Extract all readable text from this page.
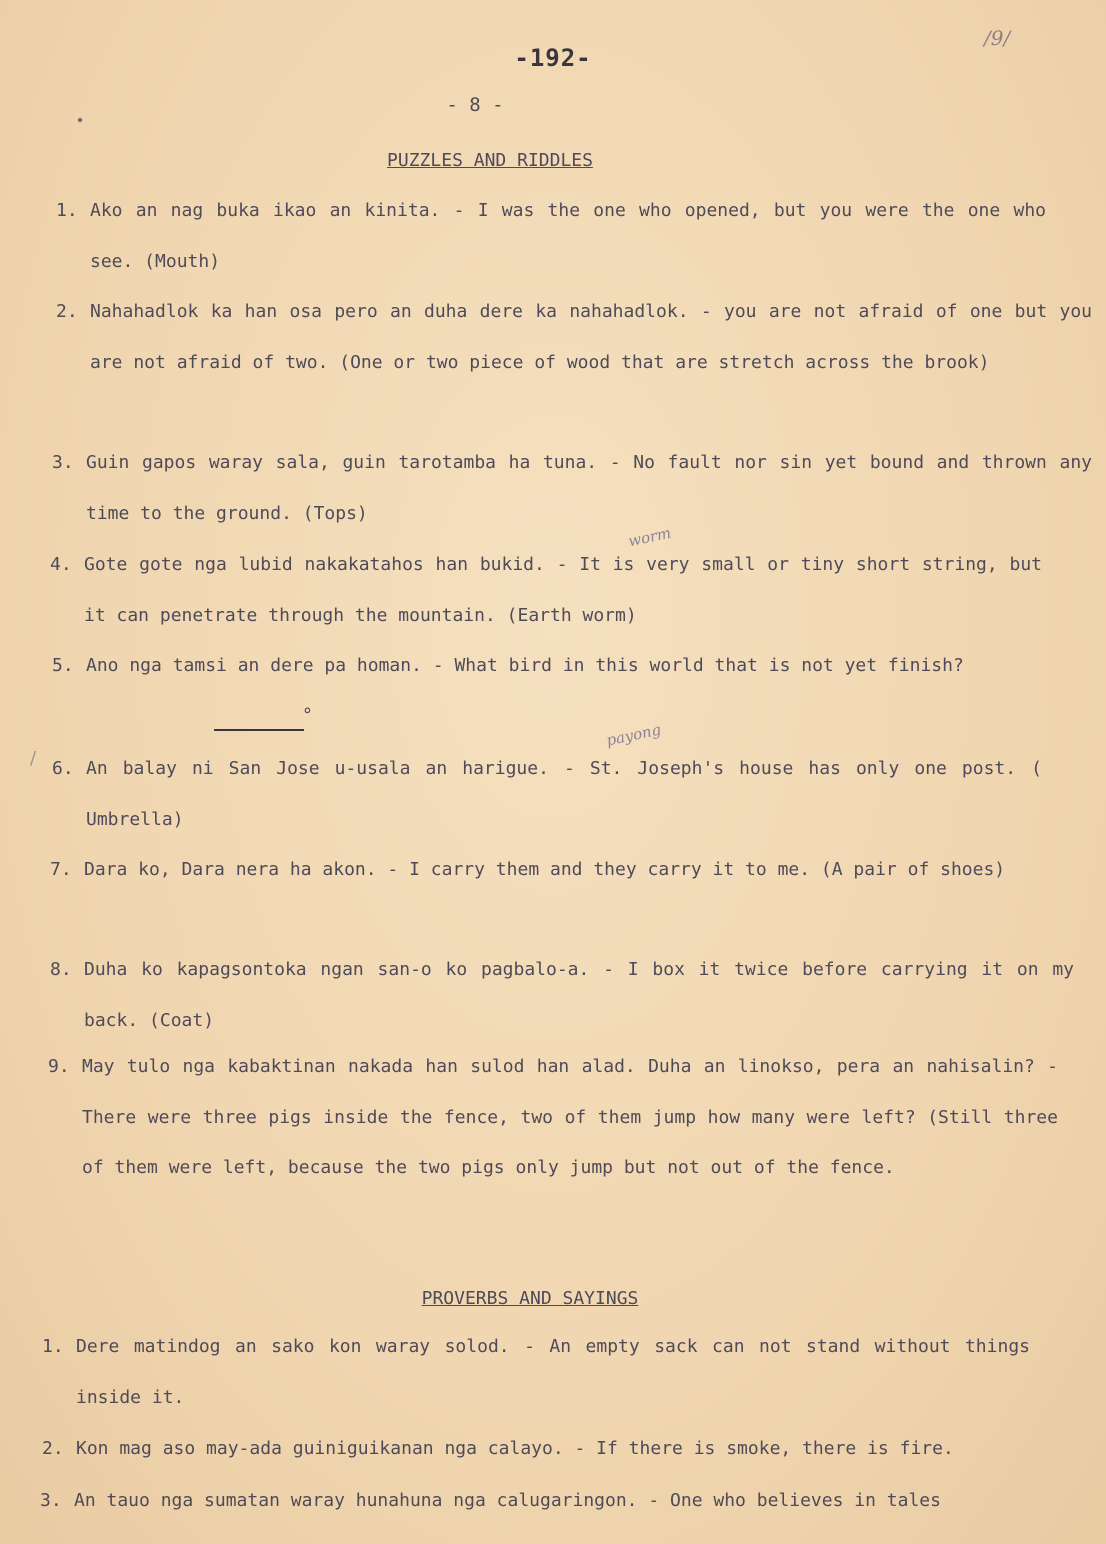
-192-
/9/
- 8 -
PUZZLES AND RIDDLES
1. Ako an nag buka ikao an kinita. - I was the one who opened, but you were the one who see. (Mouth)
2. Nahahadlok ka han osa pero an duha dere ka nahahadlok. - you are not afraid of one but you are not afraid of two. (One or two piece of wood that are stretch across the brook)
3. Guin gapos waray sala, guin tarotamba ha tuna. - No fault nor sin yet bound and thrown any time to the ground. (Tops)
worm
4. Gote gote nga lubid nakakatahos han bukid. - It is very small or tiny short string, but it can penetrate through the mountain. (Earth worm)
5. Ano nga tamsi an dere pa homan. - What bird in this world that is not yet finish?
∘
/
payong
6. An balay ni San Jose u-usala an harigue. - St. Joseph's house has only one post. ( Umbrella)
7. Dara ko, Dara nera ha akon. - I carry them and they carry it to me. (A pair of shoes)
8. Duha ko kapagsontoka ngan san-o ko pagbalo-a. - I box it twice before carrying it on my back. (Coat)
9. May tulo nga kabaktinan nakada han sulod han alad. Duha an linokso, pera an nahisalin? - There were three pigs inside the fence, two of them jump how many were left? (Still three of them were left, because the two pigs only jump but not out of the fence.
PROVERBS AND SAYINGS
1. Dere matindog an sako kon waray solod. - An empty sack can not stand without things inside it.
2. Kon mag aso may-ada guiniguikanan nga calayo. - If there is smoke, there is fire.
3. An tauo nga sumatan waray hunahuna nga calugaringon. - One who believes in tales
